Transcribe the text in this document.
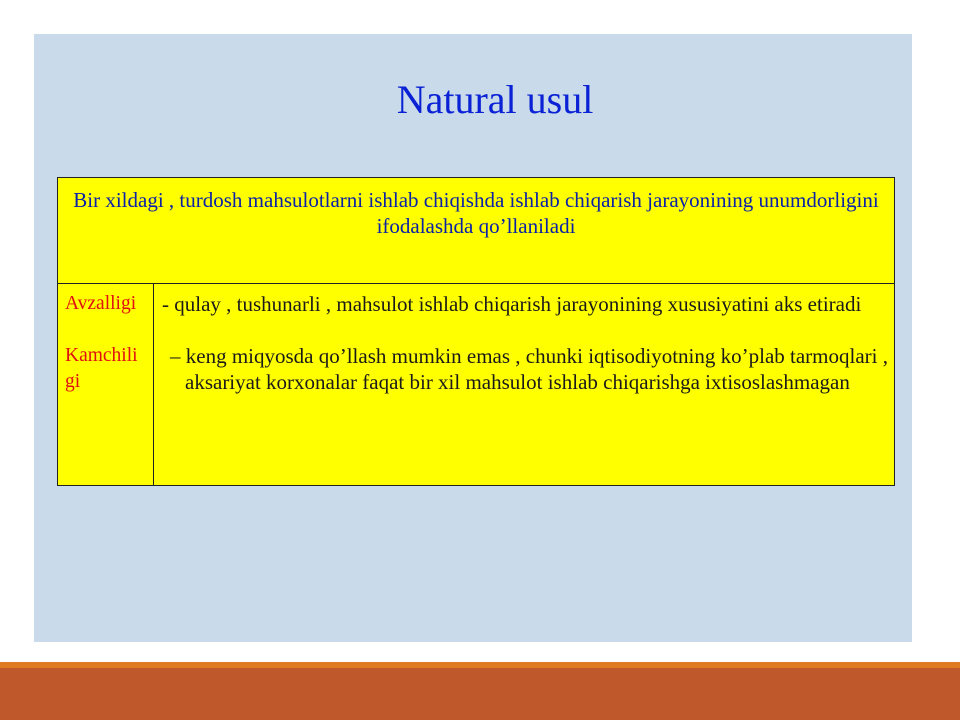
Natural usul
Bir xildagi , turdosh mahsulotlarni ishlab chiqishda ishlab chiqarish jarayonining unumdorligini ifodalashda qo’llaniladi
Avzalligi
Kamchiligi
- qulay , tushunarli , mahsulot ishlab chiqarish jarayonining xususiyatini aks etiradi
– keng miqyosda qo’llash mumkin emas , chunki iqtisodiyotning ko’plab tarmoqlari , aksariyat korxonalar faqat bir xil mahsulot ishlab chiqarishga ixtisoslashmagan
